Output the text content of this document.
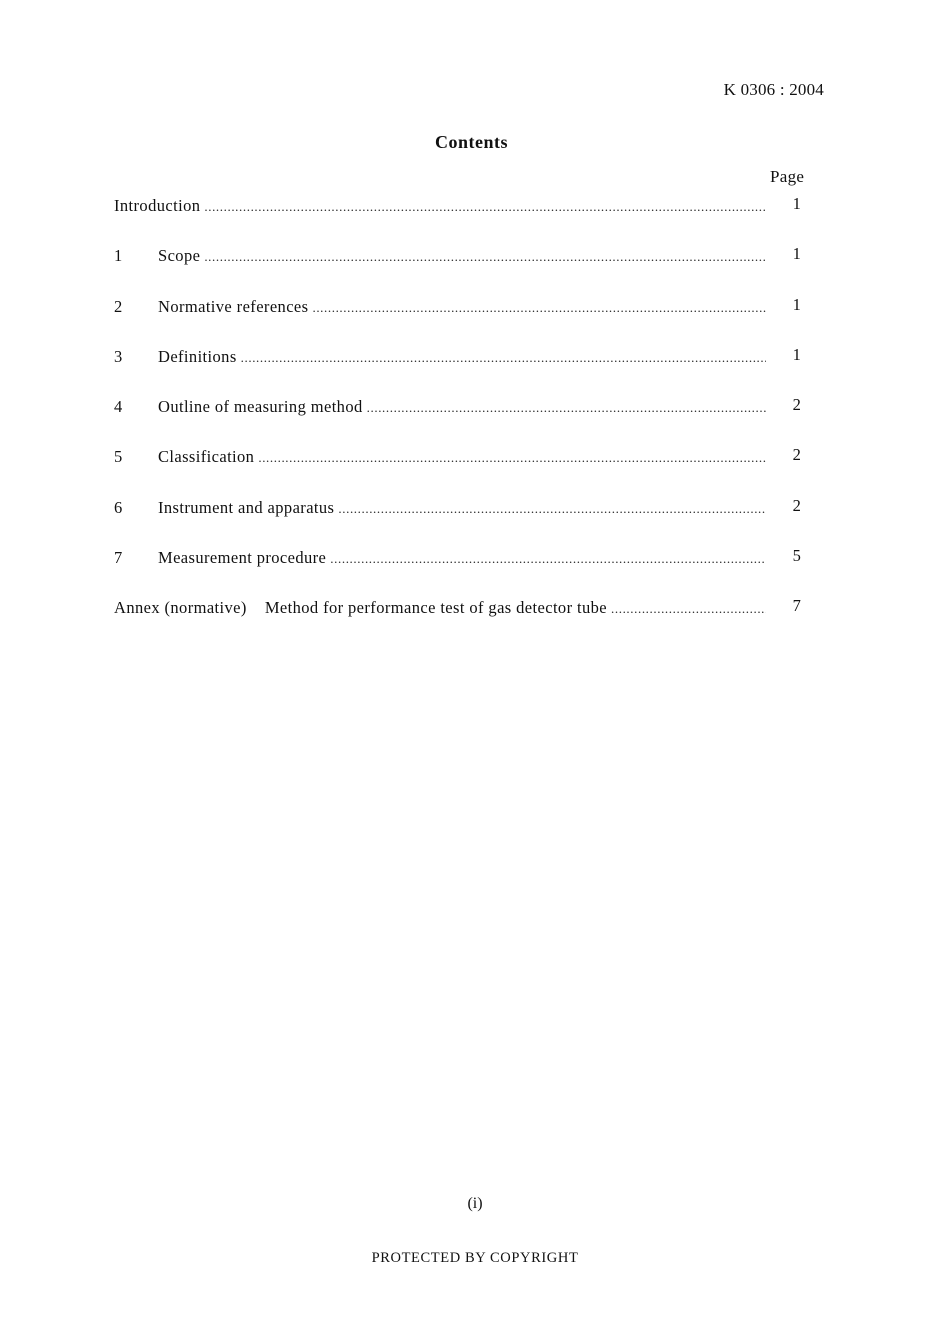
K 0306 : 2004
Contents
Page
Introduction .....	1
1	Scope .....	1
2	Normative references .....	1
3	Definitions .....	1
4	Outline of measuring method .....	2
5	Classification .....	2
6	Instrument and apparatus .....	2
7	Measurement procedure .....	5
Annex (normative)	Method for performance test of gas detector tube .....	7
(i)
PROTECTED BY COPYRIGHT
